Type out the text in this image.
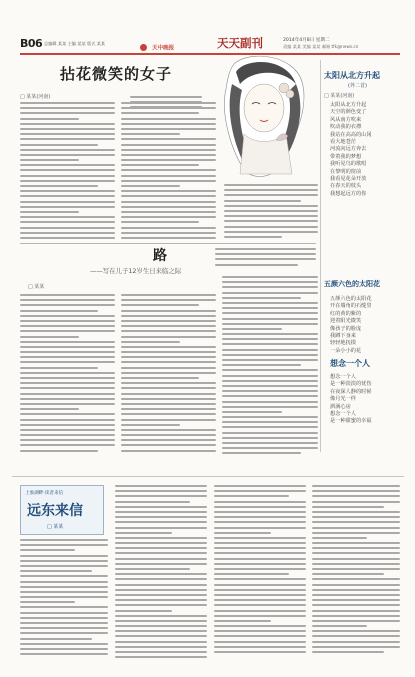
B06 总编辑 某某 主编 某某 版式 某某
天中晚报	天天副刊	2014年4月8日 星期二
责编 某某 美编 某某 邮箱 tfk@news.cn
拈花微笑的女子
□ 某某(河南)
太阳从北方升起
(外二首)
□ 某某(河南)
太阳从北方升起
天空的颜色变了
风从南方吹来
吹动我的衣襟
我站在高高的山冈
看大地苍茫
河流向远方奔去
带着我的梦想
我听见鸟的歌唱
在黎明的窗前
我看见花朵开放
在春天的枝头
我想起远方的你
五颜六色的太阳花
五颜六色的太阳花
开在墙角的石缝里
红的黄的紫的
迎着阳光微笑
像孩子的脸庞
我蹲下身来
轻轻地抚摸
一朵小小的花
想念一个人
想念一个人
是一种淡淡的忧伤
在夜深人静的时候
像月光一样
洒满心房
想念一个人
是一种甜蜜的幸福
路
——写在儿子12岁生日来临之际
□ 某某
上象湖畔·读者来信
远东来信
□ 某某
